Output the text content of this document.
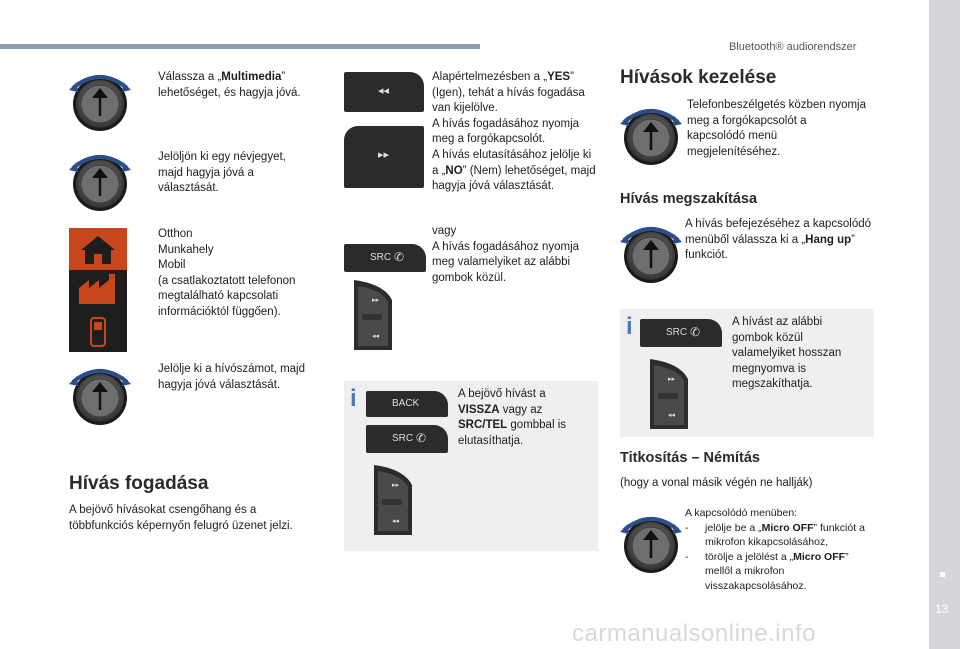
Bluetooth® audiorendszer
13
Válassza a „Multimedia” lehetőséget, és hagyja jóvá.
Jelöljön ki egy névjegyet, majd hagyja jóvá a választását.
Otthon
Munkahely
Mobil
(a csatlakoztatott telefonon megtalálható kapcsolati információktól függően).
Jelölje ki a hívószámot, majd hagyja jóvá választását.
Hívás fogadása
A bejövő hívásokat csengőhang és a többfunkciós képernyőn felugró üzenet jelzi.
◂◂
▸▸
Alapértelmezésben a „YES” (Igen), tehát a hívás fogadása van kijelölve.
A hívás fogadásához nyomja meg a forgókapcsolót.
A hívás elutasításához jelölje ki a „NO” (Nem) lehetőséget, majd hagyja jóvá választását.
SRC ✆
vagy
A hívás fogadásához nyomja meg valamelyiket az alábbi gombok közül.
i	BACK
SRC ✆
A bejövő hívást a VISSZA vagy az SRC/TEL gombbal is elutasíthatja.
Hívások kezelése
Telefonbeszélgetés közben nyomja meg a forgókapcsolót a kapcsolódó menü megjelenítéséhez.
Hívás megszakítása
A hívás befejezéséhez a kapcsolódó menüből válassza ki a „Hang up” funkciót.
i	SRC ✆
A hívást az alábbi gombok közül valamelyiket hosszan megnyomva is megszakíthatja.
Titkosítás – Némítás
(hogy a vonal másik végén ne hallják)
A kapcsolódó menüben:
- jelölje be a „Micro OFF” funkciót a mikrofon kikapcsolásához,
- törölje a jelölést a „Micro OFF” mellől a mikrofon visszakapcsolásához.
carmanualsonline.info
